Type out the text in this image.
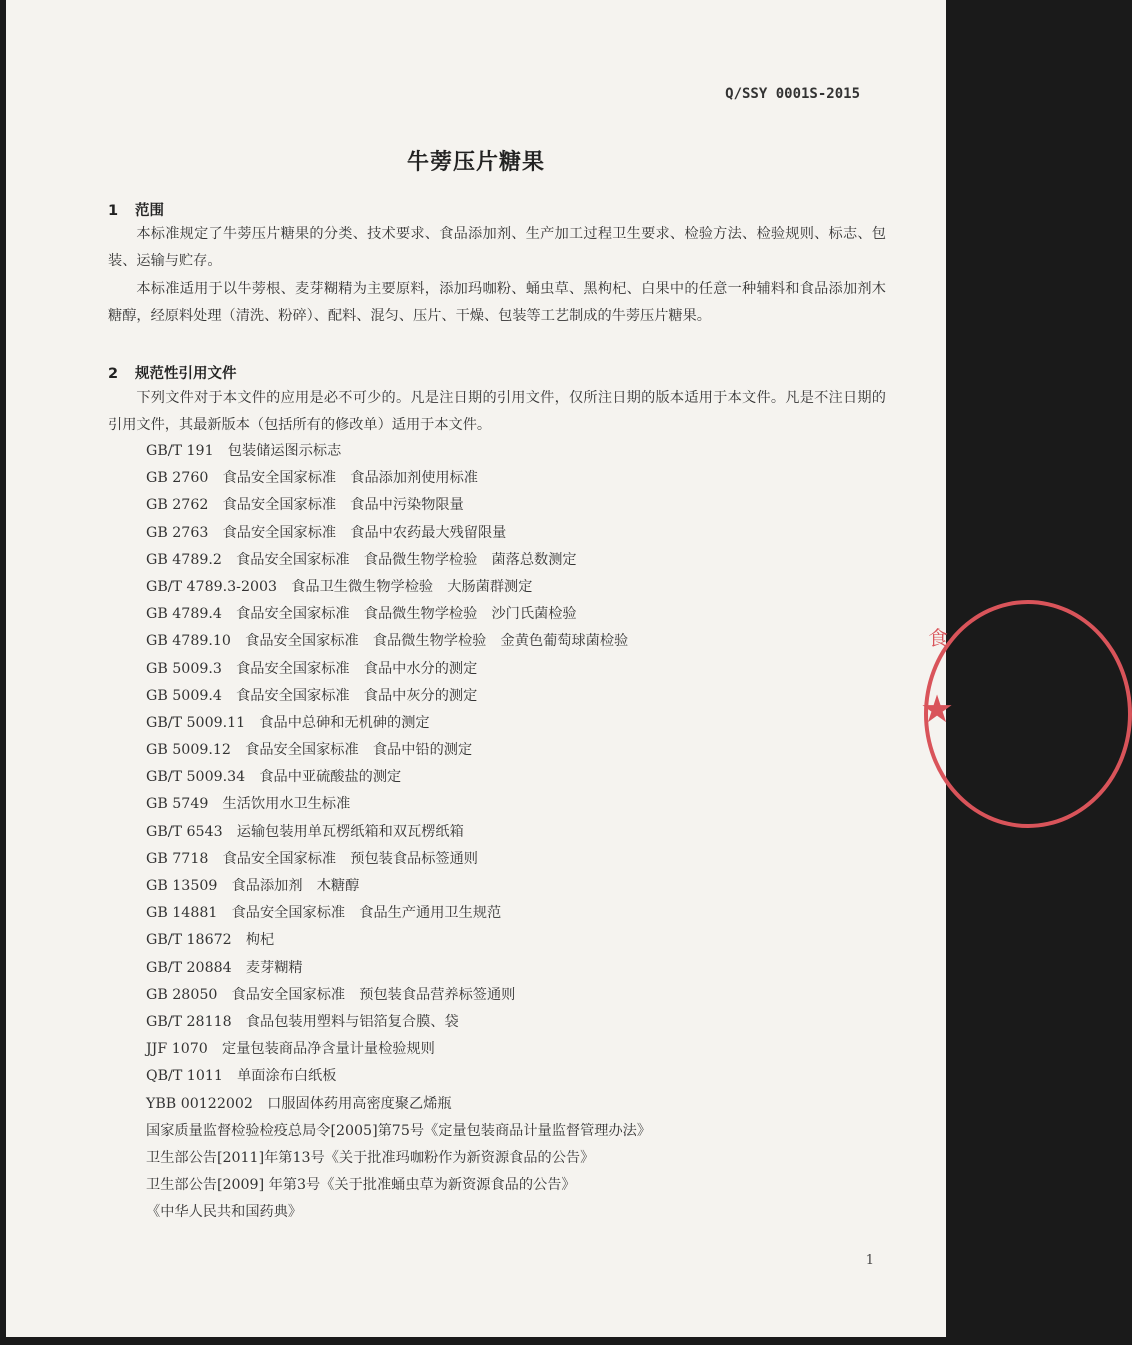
Q/SSY 0001S-2015
牛蒡压片糖果
1 范围

本标准规定了牛蒡压片糖果的分类、技术要求、食品添加剂、生产加工过程卫生要求、检验方法、检验规则、标志、包装、运输与贮存。

本标准适用于以牛蒡根、麦芽糊精为主要原料，添加玛咖粉、蛹虫草、黑枸杞、白果中的任意一种辅料和食品添加剂木糖醇，经原料处理（清洗、粉碎）、配料、混匀、压片、干燥、包装等工艺制成的牛蒡压片糖果。

2 规范性引用文件

下列文件对于本文件的应用是必不可少的。凡是注日期的引用文件，仅所注日期的版本适用于本文件。凡是不注日期的引用文件，其最新版本（包括所有的修改单）适用于本文件。

GB/T 191　包装储运图示标志
GB 2760　食品安全国家标准　食品添加剂使用标准
GB 2762　食品安全国家标准　食品中污染物限量
GB 2763　食品安全国家标准　食品中农药最大残留限量
GB 4789.2　食品安全国家标准　食品微生物学检验　菌落总数测定
GB/T 4789.3-2003　食品卫生微生物学检验　大肠菌群测定
GB 4789.4　食品安全国家标准　食品微生物学检验　沙门氏菌检验
GB 4789.10　食品安全国家标准　食品微生物学检验　金黄色葡萄球菌检验
GB 5009.3　食品安全国家标准　食品中水分的测定
GB 5009.4　食品安全国家标准　食品中灰分的测定
GB/T 5009.11　食品中总砷和无机砷的测定
GB 5009.12　食品安全国家标准　食品中铅的测定
GB/T 5009.34　食品中亚硫酸盐的测定
GB 5749　生活饮用水卫生标准
GB/T 6543　运输包装用单瓦楞纸箱和双瓦楞纸箱
GB 7718　食品安全国家标准　预包装食品标签通则
GB 13509　食品添加剂　木糖醇
GB 14881　食品安全国家标准　食品生产通用卫生规范
GB/T 18672　枸杞
GB/T 20884　麦芽糊精
GB 28050　食品安全国家标准　预包装食品营养标签通则
GB/T 28118　食品包装用塑料与铝箔复合膜、袋
JJF 1070　定量包装商品净含量计量检验规则
QB/T 1011　单面涂布白纸板
YBB 00122002　口服固体药用高密度聚乙烯瓶
国家质量监督检验检疫总局令[2005]第75号《定量包装商品计量监督管理办法》
卫生部公告[2011]年第13号《关于批准玛咖粉作为新资源食品的公告》
卫生部公告[2009] 年第3号《关于批准蛹虫草为新资源食品的公告》
《中华人民共和国药典》
1
食
★
